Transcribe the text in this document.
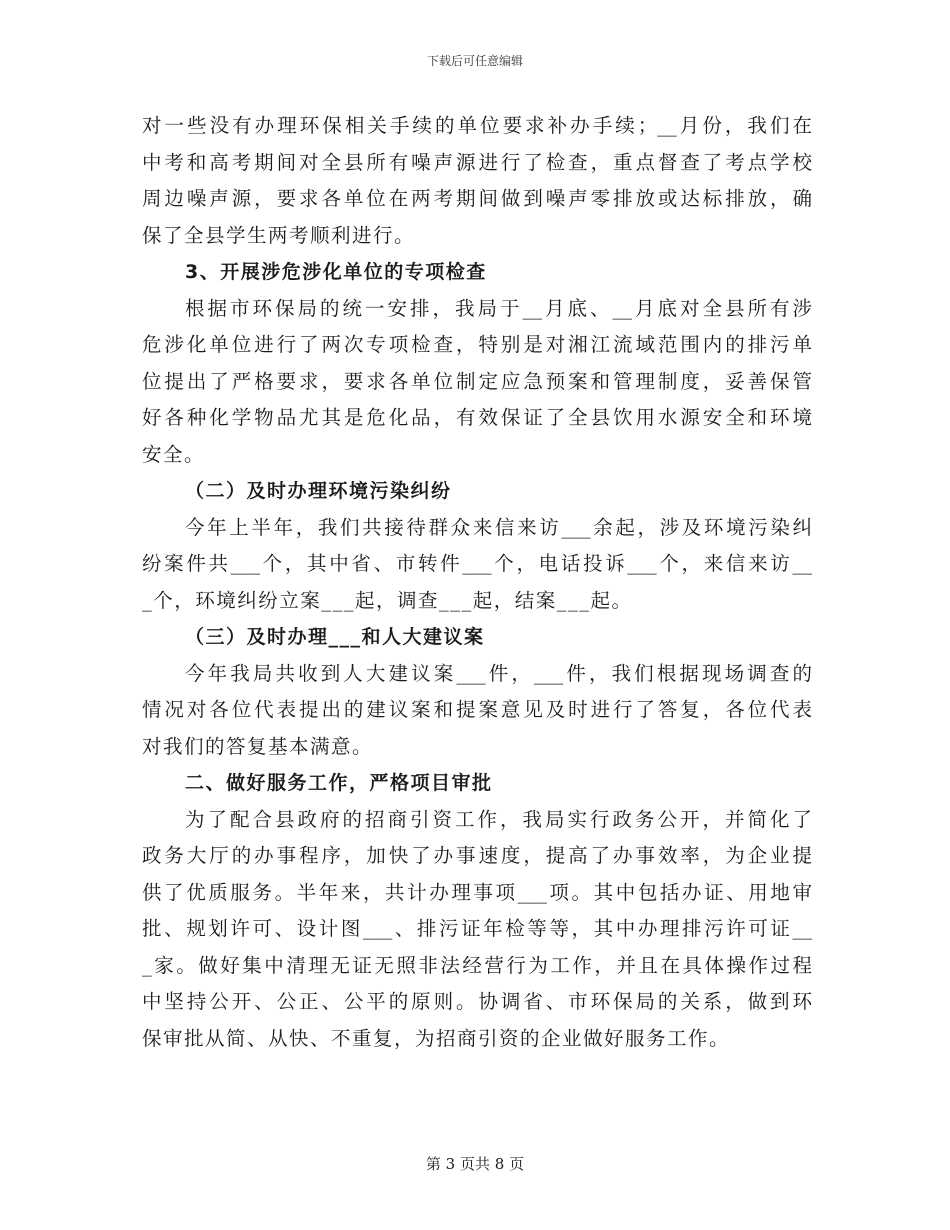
下载后可任意编辑
对一些没有办理环保相关手续的单位要求补办手续；__月份，我们在
中考和高考期间对全县所有噪声源进行了检查，重点督查了考点学校
周边噪声源，要求各单位在两考期间做到噪声零排放或达标排放，确
保了全县学生两考顺利进行。
3、开展涉危涉化单位的专项检查
根据市环保局的统一安排，我局于__月底、__月底对全县所有涉
危涉化单位进行了两次专项检查，特别是对湘江流域范围内的排污单
位提出了严格要求，要求各单位制定应急预案和管理制度，妥善保管
好各种化学物品尤其是危化品，有效保证了全县饮用水源安全和环境
安全。
（二）及时办理环境污染纠纷
今年上半年，我们共接待群众来信来访___余起，涉及环境污染纠
纷案件共___个，其中省、市转件___个，电话投诉___个，来信来访__
_个，环境纠纷立案___起，调查___起，结案___起。
（三）及时办理___和人大建议案
今年我局共收到人大建议案___件，___件，我们根据现场调查的
情况对各位代表提出的建议案和提案意见及时进行了答复，各位代表
对我们的答复基本满意。
二、做好服务工作，严格项目审批
为了配合县政府的招商引资工作，我局实行政务公开，并简化了
政务大厅的办事程序，加快了办事速度，提高了办事效率，为企业提
供了优质服务。半年来，共计办理事项___项。其中包括办证、用地审
批、规划许可、设计图___、排污证年检等等，其中办理排污许可证__
_家。做好集中清理无证无照非法经营行为工作，并且在具体操作过程
中坚持公开、公正、公平的原则。协调省、市环保局的关系，做到环
保审批从简、从快、不重复，为招商引资的企业做好服务工作。
第 3 页共 8 页
